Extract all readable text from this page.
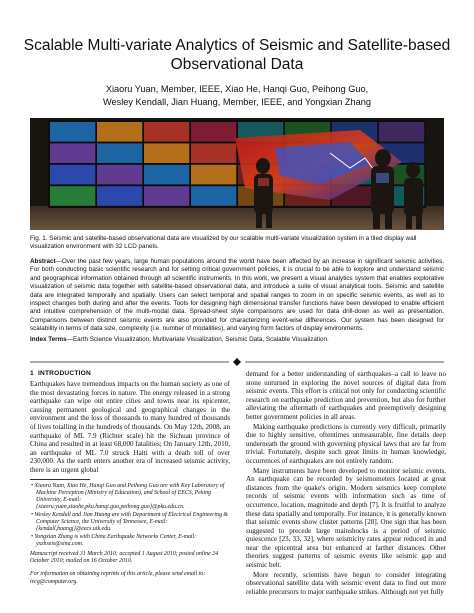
Scalable Multi-variate Analytics of Seismic and Satellite-based Observational Data
Xiaoru Yuan, Member, IEEE, Xiao He, Hanqi Guo, Peihong Guo,
Wesley Kendall, Jian Huang, Member, IEEE, and Yongxian Zhang
Fig. 1. Seismic and satellite-based observational data are visualized by our scalable multi-variate visualization system in a tiled display wall visualization environment with 32 LCD panels.
Abstract—Over the past few years, large human populations around the world have been affected by an increase in significant seismic activities. For both conducting basic scientific research and for setting critical government policies, it is crucial to be able to explore and understand seismic and geographical information obtained through all scientific instruments. In this work, we present a visual analytics system that enables explorative visualization of seismic data together with satellite-based observational data, and introduce a suite of visual analytical tools. Seismic and satellite data are integrated temporally and spatially. Users can select temporal and spatial ranges to zoom in on specific seismic events, as well as to inspect changes both during and after the events. Tools for designing high dimensional transfer functions have been developed to enable efficient and intuitive comprehension of the multi-modal data. Spread-sheet style comparisons are used for data drill-down as well as presentation. Comparisons between distinct seismic events are also provided for characterizing event-wise differences. Our system has been designed for scalability in terms of data size, complexity (i.e. number of modalities), and varying form factors of display environments.
Index Terms—Earth Science Visualization, Multivariate Visualization, Seismic Data, Scalable Visualization.
1 INTRODUCTION

Earthquakes have tremendous impacts on the human society as one of the most devastating forces in nature. The energy released in a strong earthquake can wipe out entire cities and towns near its epicenter, causing permanent geological and geographical changes in the environment and the loss of thousands to many hundred of thousands of lives totalling in the hundreds of thousands. On May 12th, 2008, an earthquake of ML 7.9 (Richter scale) hit the Sichuan province of China and resulted in at least 68,000 fatalities; On January 12th, 2010, an earthquake of ML 7.0 struck Haiti with a death toll of over 230,000. As the earth enters another era of increased seismic activity, there is an urgent global

• Xiaoru Yuan, Xiao He, Hanqi Guo and Peihong Guo are with Key Laboratory of Machine Perception (Ministry of Education), and School of EECS, Peking University, E-mail: {xiaoru.yuan,xiaohe,pku.hanqi.guo,peihong.guo}@pku.edu.cn.

• Wesley Kendall and Jian Huang are with Department of Electrical Engineering & Computer Science, the University of Tennessee, E-mail: {kendall,huangj}@eecs.utk.edu.

• Yongxian Zhang is with China Earthquake Networks Center, E-mail: yxzhseis@sina.com.

Manuscript received 31 March 2010; accepted 1 August 2010; posted online 24 October 2010; mailed on 16 October 2010.

For information on obtaining reprints of this article, please send email to: tvcg@computer.org.

demand for a better understanding of earthquakes–a call to leave no stone unturned in exploring the novel sources of digital data from seismic events. This effort is critical not only for conducting scientific research on earthquake prediction and prevention, but also for further alleviating the aftermath of earthquakes and preemptively designing better government policies in all areas.

Making earthquake predictions is currently very difficult, primarily due to highly sensitive, oftentimes unmeasurable, fine details deep underneath the ground with governing physical laws that are far from trivial. Fortunately, despite such great limits in human knowledge, occurrences of earthquakes are not entirely random.

Many instruments have been developed to monitor seismic events. An earthquake can be recorded by seismometers located at great distances from the quake's origin. Modern seismics keep complete records of seismic events with information such as time of occurrence, location, magnitude and depth [7]. It is fruitful to analyze these data spatially and temporally. For instance, it is generally known that seismic events show cluster patterns [28]. One sign that has been suggested to precede large mainshocks is a period of seismic quiescence [23, 33, 32], where seismicity rates appear reduced in and near the epicentral area but enhanced at farther distances. Other theories suggest patterns of seismic events like seismic gap and seismic belt.

More recently, scientists have begun to consider integrating observational satellite data with seismic event data to find out more reliable precursors to major earthquake strikes. Although not yet fully
